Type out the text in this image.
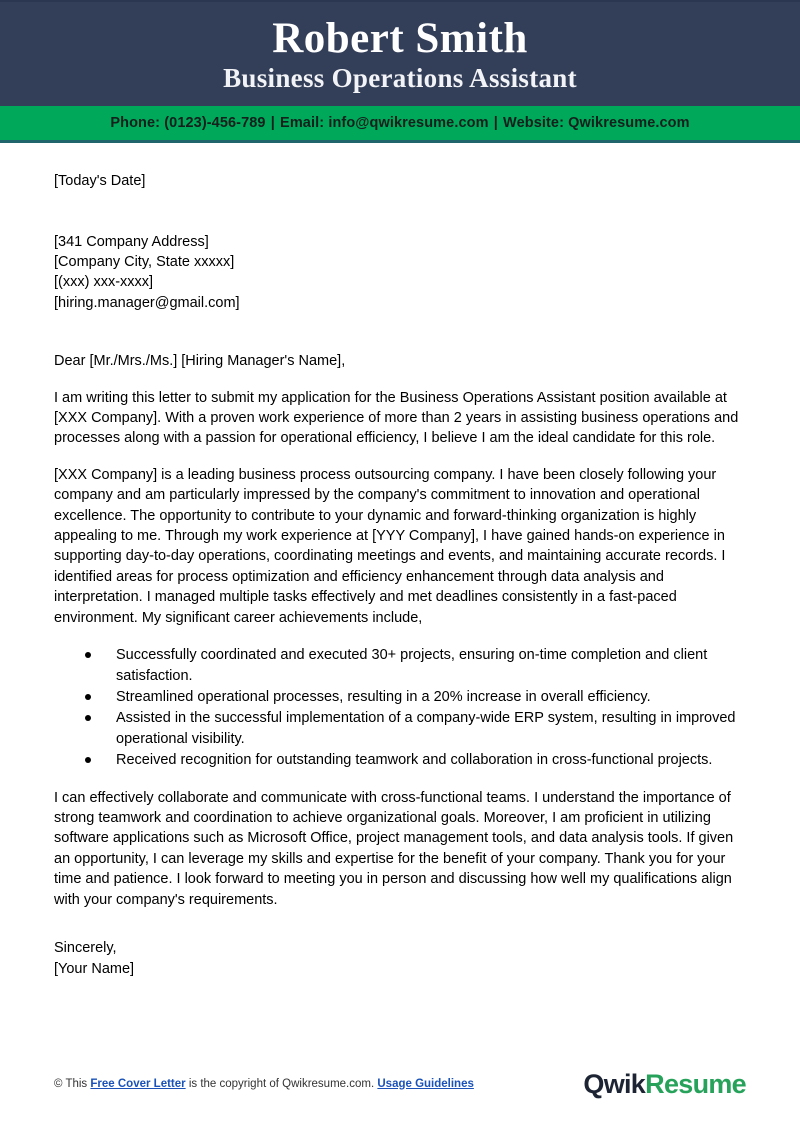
Robert Smith
Business Operations Assistant
Phone: (0123)-456-789 | Email: info@qwikresume.com | Website: Qwikresume.com
[Today's Date]
[341 Company Address]
[Company City, State xxxxx]
[(xxx) xxx-xxxx]
[hiring.manager@gmail.com]
Dear [Mr./Mrs./Ms.] [Hiring Manager's Name],
I am writing this letter to submit my application for the Business Operations Assistant position available at [XXX Company]. With a proven work experience of more than 2 years in assisting business operations and processes along with a passion for operational efficiency, I believe I am the ideal candidate for this role.
[XXX Company] is a leading business process outsourcing company. I have been closely following your company and am particularly impressed by the company's commitment to innovation and operational excellence. The opportunity to contribute to your dynamic and forward-thinking organization is highly appealing to me. Through my work experience at [YYY Company], I have gained hands-on experience in supporting day-to-day operations, coordinating meetings and events, and maintaining accurate records. I identified areas for process optimization and efficiency enhancement through data analysis and interpretation. I managed multiple tasks effectively and met deadlines consistently in a fast-paced environment. My significant career achievements include,
Successfully coordinated and executed 30+ projects, ensuring on-time completion and client satisfaction.
Streamlined operational processes, resulting in a 20% increase in overall efficiency.
Assisted in the successful implementation of a company-wide ERP system, resulting in improved operational visibility.
Received recognition for outstanding teamwork and collaboration in cross-functional projects.
I can effectively collaborate and communicate with cross-functional teams. I understand the importance of strong teamwork and coordination to achieve organizational goals. Moreover, I am proficient in utilizing software applications such as Microsoft Office, project management tools, and data analysis tools. If given an opportunity, I can leverage my skills and expertise for the benefit of your company. Thank you for your time and patience. I look forward to meeting you in person and discussing how well my qualifications align with your company's requirements.
Sincerely,
[Your Name]
© This Free Cover Letter is the copyright of Qwikresume.com. Usage Guidelines	QwikResume
